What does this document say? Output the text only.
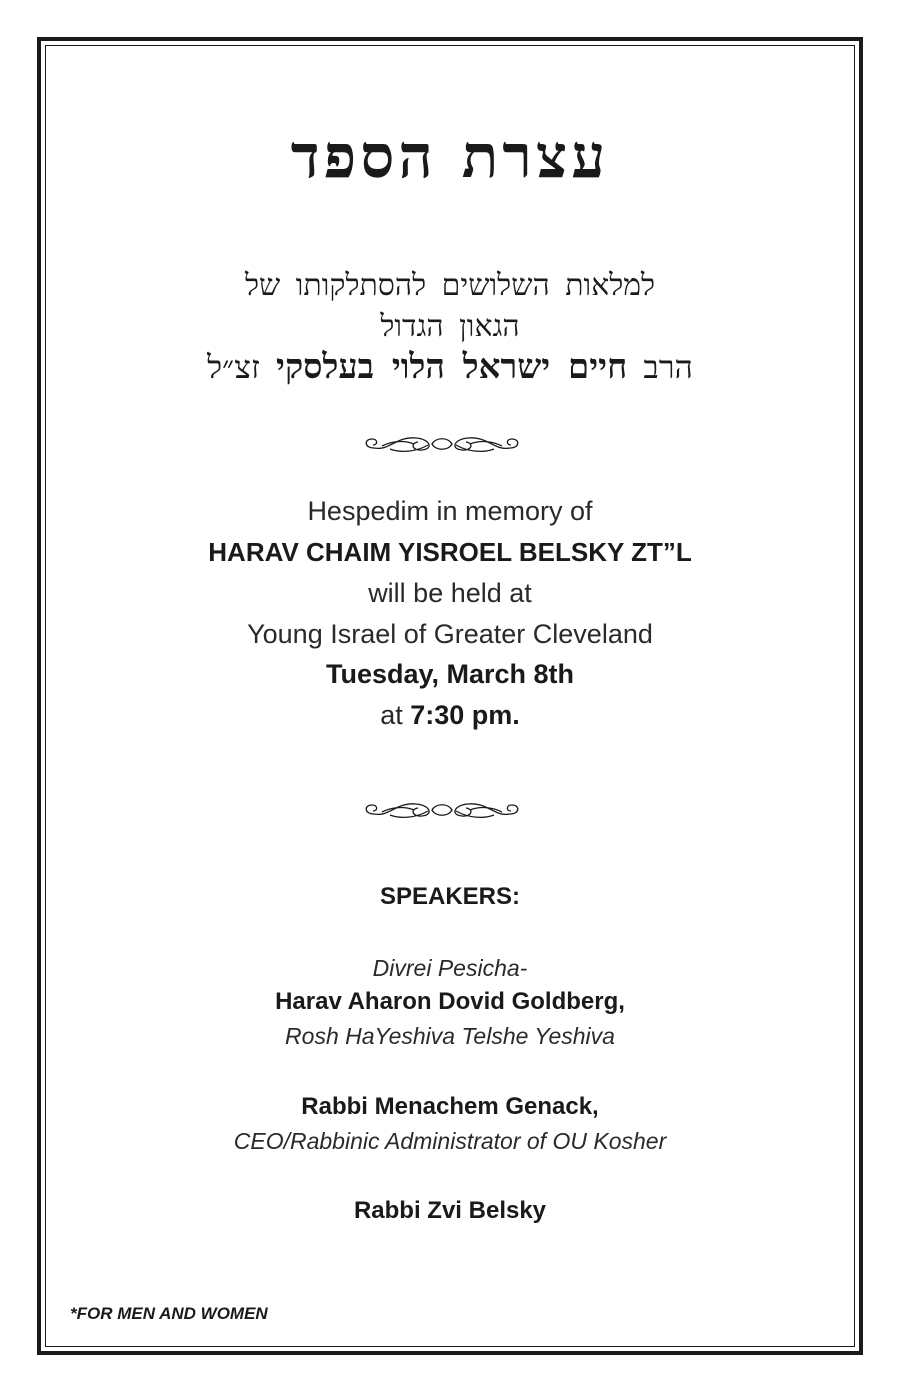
עצרת הספד
למלאות השלושים להסתלקותו של
הגאון הגדול
הרב חיים ישראל הלוי בעלסקי זצ״ל
Hespedim in memory of
HARAV CHAIM YISROEL BELSKY ZT”L
will be held at
Young Israel of Greater Cleveland
Tuesday, March 8th
at 7:30 pm.
SPEAKERS:
Divrei Pesicha-
Harav Aharon Dovid Goldberg,
Rosh HaYeshiva Telshe Yeshiva
Rabbi Menachem Genack,
CEO/Rabbinic Administrator of OU Kosher
Rabbi Zvi Belsky
*FOR MEN AND WOMEN
